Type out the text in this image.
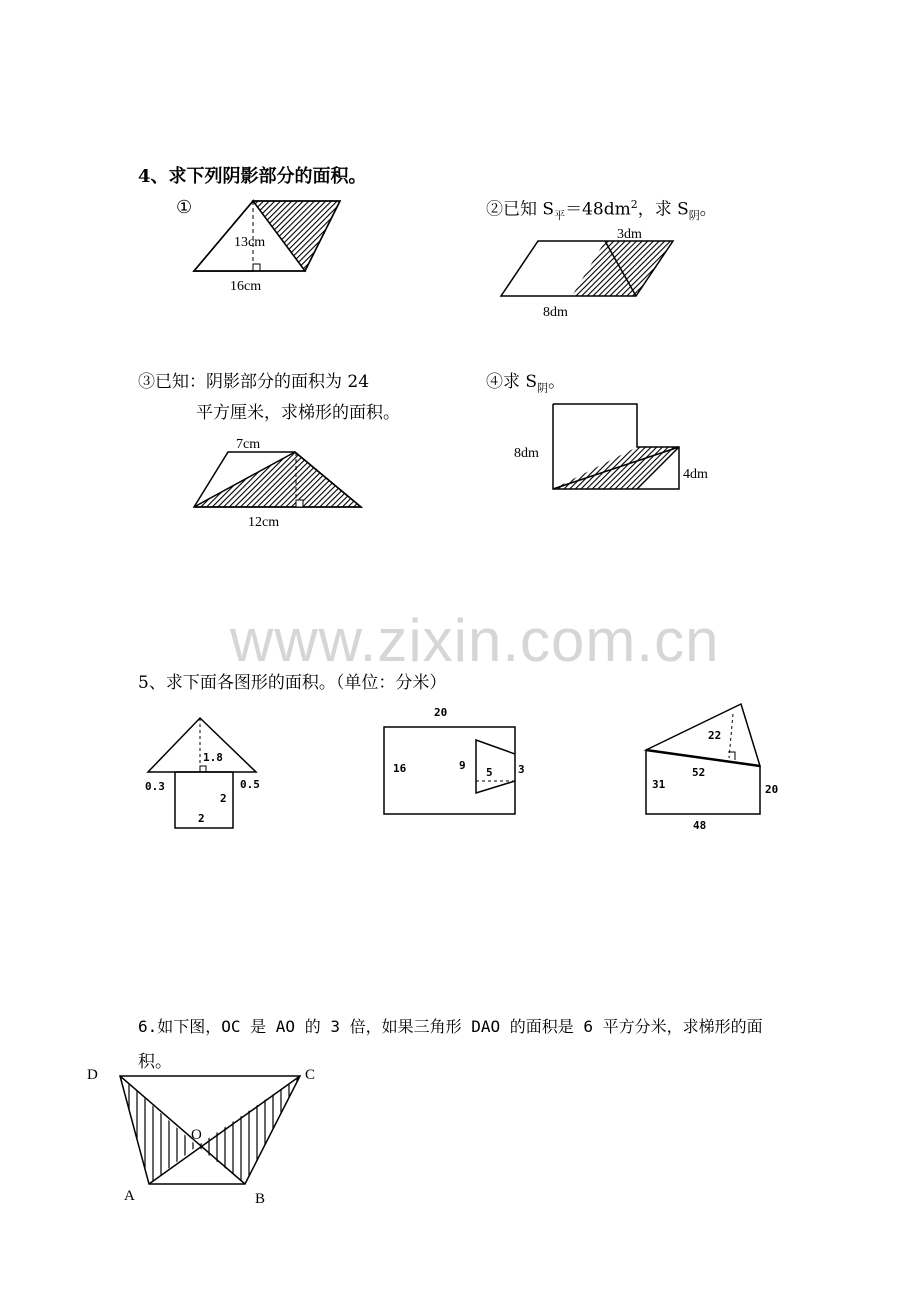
www.zixin.com.cn
4、求下列阴影部分的面积。
①
13cm
16cm
②已知 $S_平=48dm^2$，求 $S_阴$。
3dm
8dm
③已知：阴影部分的面积为 24
平方厘米，求梯形的面积。
7cm
12cm
④求 $S_阴$。
8dm
4dm
5、求下面各图形的面积。（单位：分米）
1.8
0.3	0.5
2
2
20
16	9
5 3
22
52
31	20
48
6.如下图，OC 是 AO 的 3 倍，如果三角形 DAO 的面积是 6 平方分米，求梯形的面
积。
D	C
O
A	B
